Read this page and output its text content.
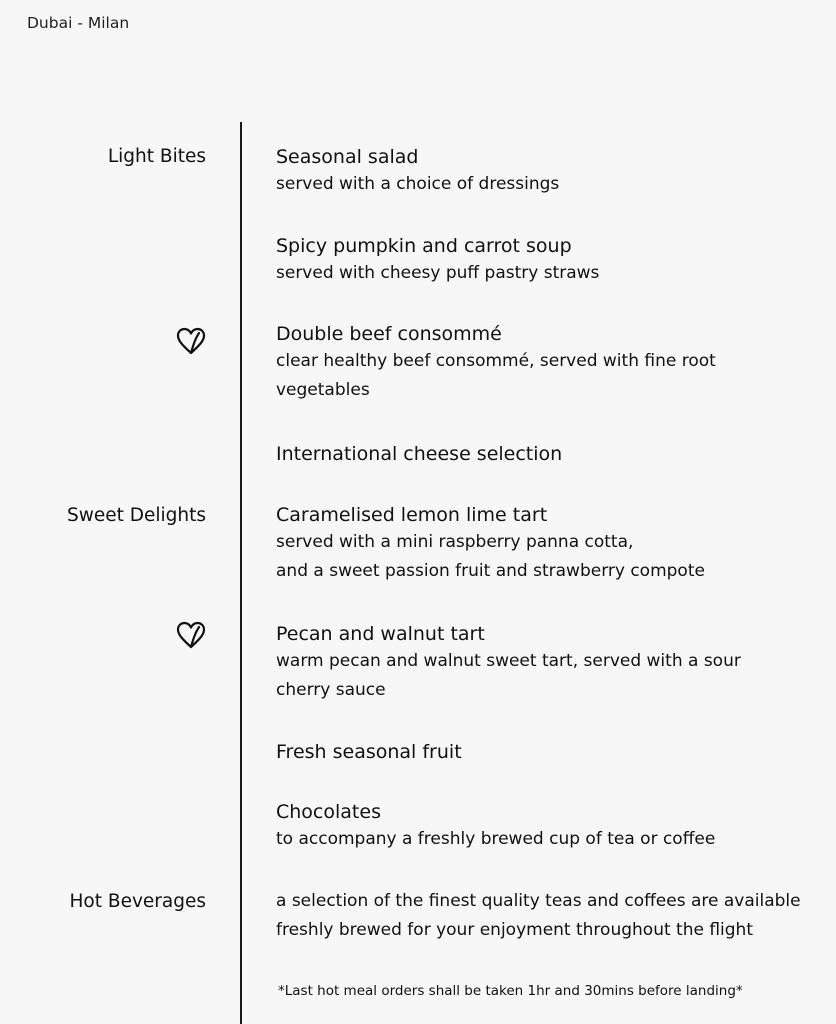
Dubai - Milan
Light Bites
Sweet Delights
Hot Beverages
Seasonal salad
served with a choice of dressings
Spicy pumpkin and carrot soup
served with cheesy puff pastry straws
Double beef consommé
clear healthy beef consommé, served with fine root vegetables
International cheese selection
Caramelised lemon lime tart
served with a mini raspberry panna cotta,
and a sweet passion fruit and strawberry compote
Pecan and walnut tart
warm pecan and walnut sweet tart, served with a sour cherry sauce
Fresh seasonal fruit
Chocolates
to accompany a freshly brewed cup of tea or coffee
a selection of the finest quality teas and coffees are available
freshly brewed for your enjoyment throughout the flight
*Last hot meal orders shall be taken 1hr and 30mins before landing*
